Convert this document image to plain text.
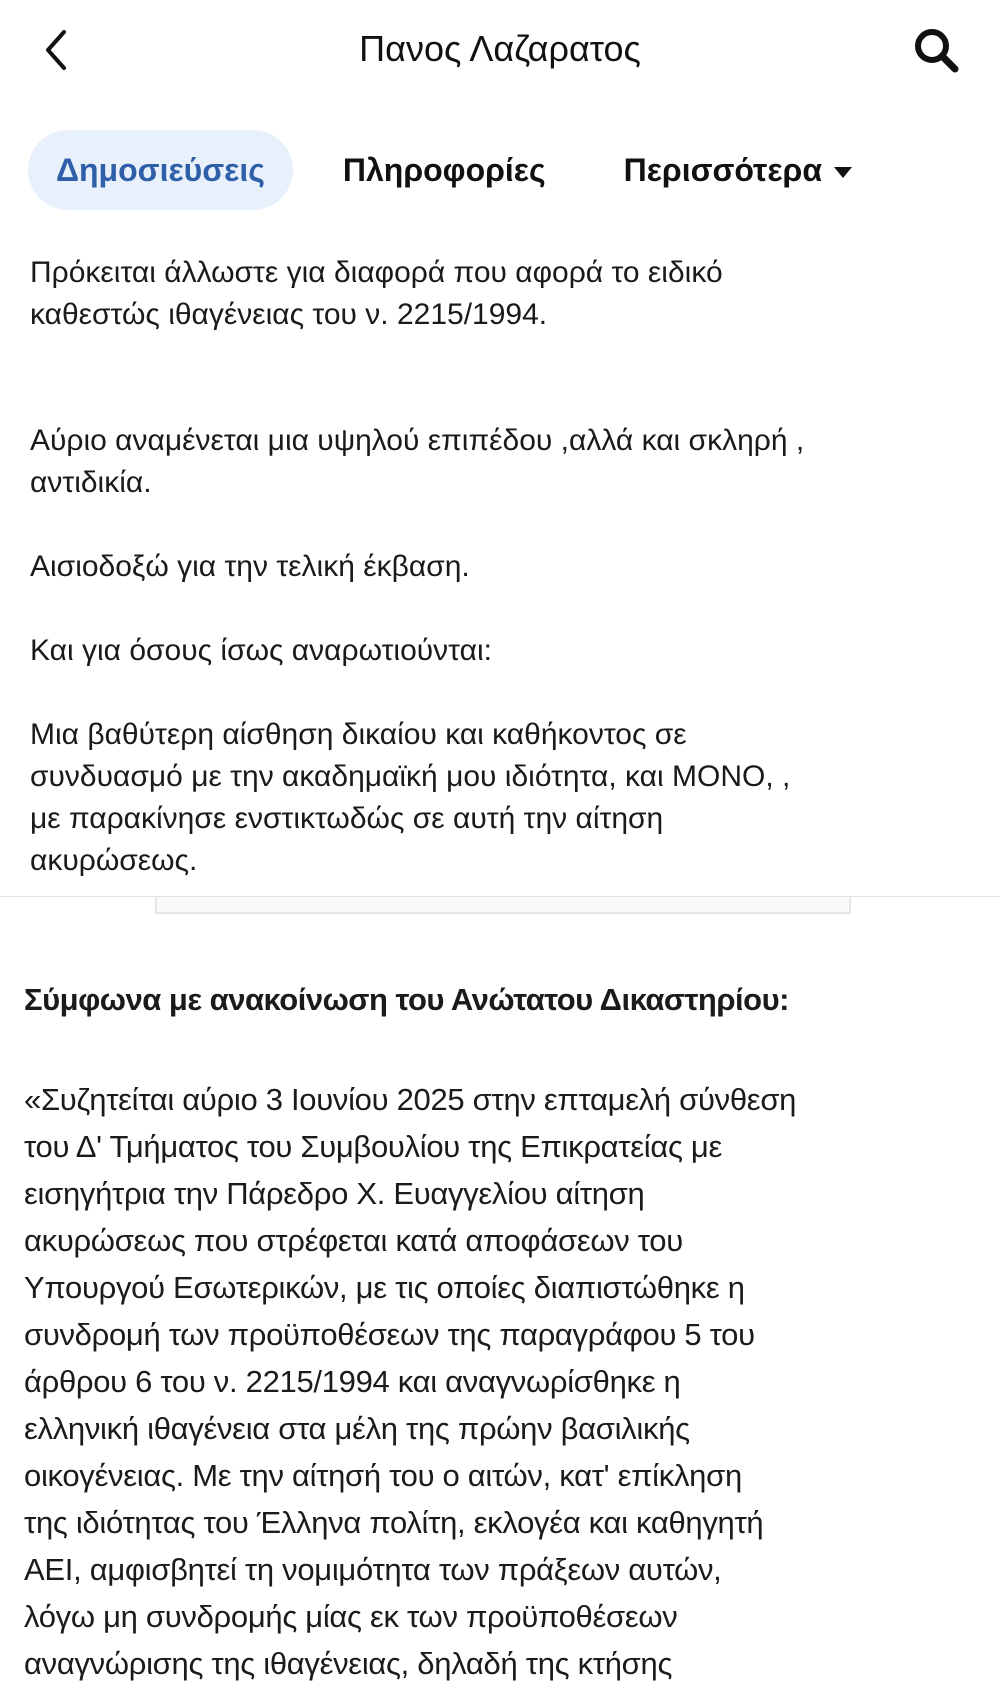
Πανος Λαζαρατος
Δημοσιεύσεις	Πληροφορίες	Περισσότερα
Πρόκειται άλλωστε για διαφορά που αφορά το ειδικό
καθεστώς ιθαγένειας του ν. 2215/1994.
Αύριο αναμένεται μια υψηλού επιπέδου ,αλλά και σκληρή ,
αντιδικία.
Αισιοδοξώ για την τελική έκβαση.
Και για όσους ίσως αναρωτιούνται:
Μια βαθύτερη αίσθηση δικαίου και καθήκοντος σε
συνδυασμό με την ακαδημαϊκή μου ιδιότητα, και ΜΟΝΟ, ,
με παρακίνησε ενστικτωδώς σε αυτή την αίτηση
ακυρώσεως.
Σύμφωνα με ανακοίνωση του Ανώτατου Δικαστηρίου:
«Συζητείται αύριο 3 Ιουνίου 2025 στην επταμελή σύνθεση
του Δ' Τμήματος του Συμβουλίου της Επικρατείας με
εισηγήτρια την Πάρεδρο Χ. Ευαγγελίου αίτηση
ακυρώσεως που στρέφεται κατά αποφάσεων του
Υπουργού Εσωτερικών, με τις οποίες διαπιστώθηκε η
συνδρομή των προϋποθέσεων της παραγράφου 5 του
άρθρου 6 του ν. 2215/1994 και αναγνωρίσθηκε η
ελληνική ιθαγένεια στα μέλη της πρώην βασιλικής
οικογένειας. Με την αίτησή του ο αιτών, κατ' επίκληση
της ιδιότητας του Έλληνα πολίτη, εκλογέα και καθηγητή
ΑΕΙ, αμφισβητεί τη νομιμότητα των πράξεων αυτών,
λόγω μη συνδρομής μίας εκ των προϋποθέσεων
αναγνώρισης της ιθαγένειας, δηλαδή της κτήσης
